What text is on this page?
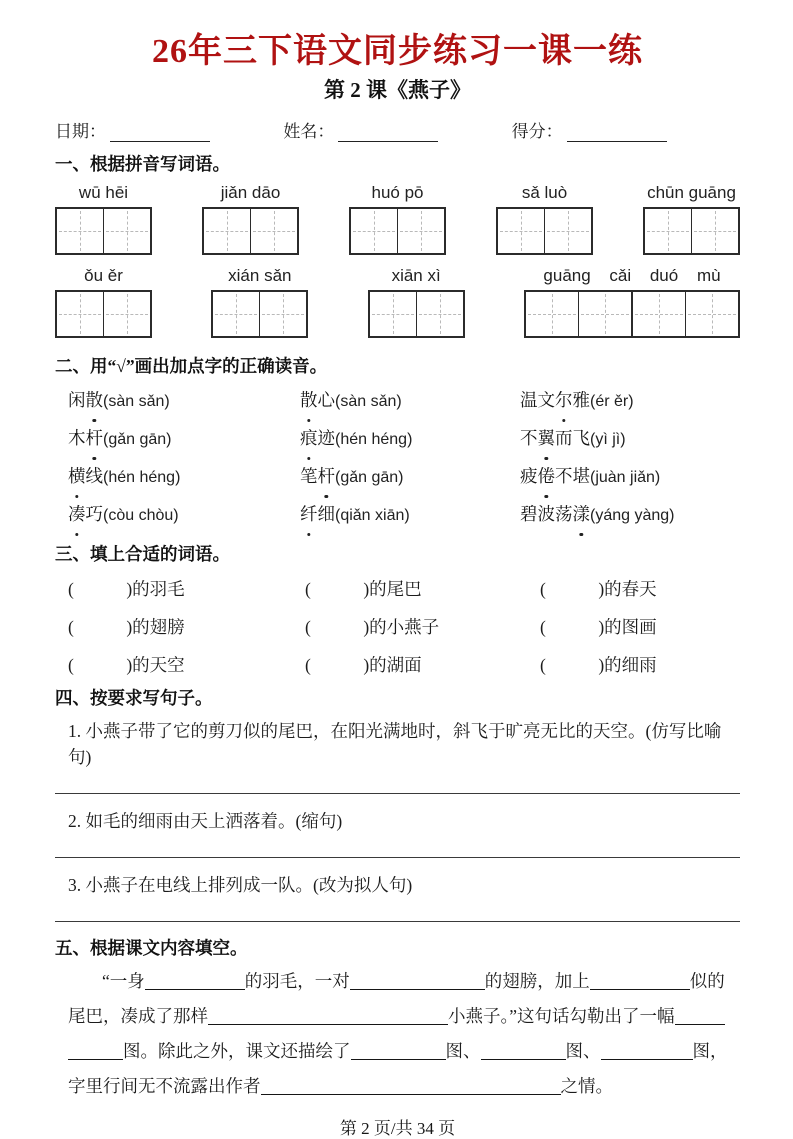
26年三下语文同步练习一课一练
第 2 课《燕子》
日期：	姓名：	得分：
一、根据拼音写词语。
wū hēi	jiǎn dāo	huó pō	sǎ luò	chūn guāng
ǒu ěr	xián sǎn	xiān xì	guāng cǎi duó mù
二、用“√”画出加点字的正确读音。
闲散(sàn sǎn)	散心(sàn sǎn)	温文尔雅(ér ěr)
木杆(gǎn gān)	痕迹(hén héng)	不翼而飞(yì jì)
横线(hén héng)	笔杆(gǎn gān)	疲倦不堪(juàn jiǎn)
凑巧(còu chòu)	纤细(qiǎn xiān)	碧波荡漾(yáng yàng)
三、填上合适的词语。
(　　　)的羽毛	(　　　)的尾巴	(　　　)的春天
(　　　)的翅膀	(　　　)的小燕子	(　　　)的图画
(　　　)的天空	(　　　)的湖面	(　　　)的细雨
四、按要求写句子。
1. 小燕子带了它的剪刀似的尾巴，在阳光满地时，斜飞于旷亮无比的天空。(仿写比喻句)
2. 如毛的细雨由天上洒落着。(缩句)
3. 小燕子在电线上排列成一队。(改为拟人句)
五、根据课文内容填空。
“一身	的羽毛，一对	的翅膀，加上	似的
尾巴，凑成了那样	小燕子。”这句话勾勒出了一幅
图。除此之外，课文还描绘了	图、	图、	图，
字里行间无不流露出作者	之情。
第 2 页/共 34 页
